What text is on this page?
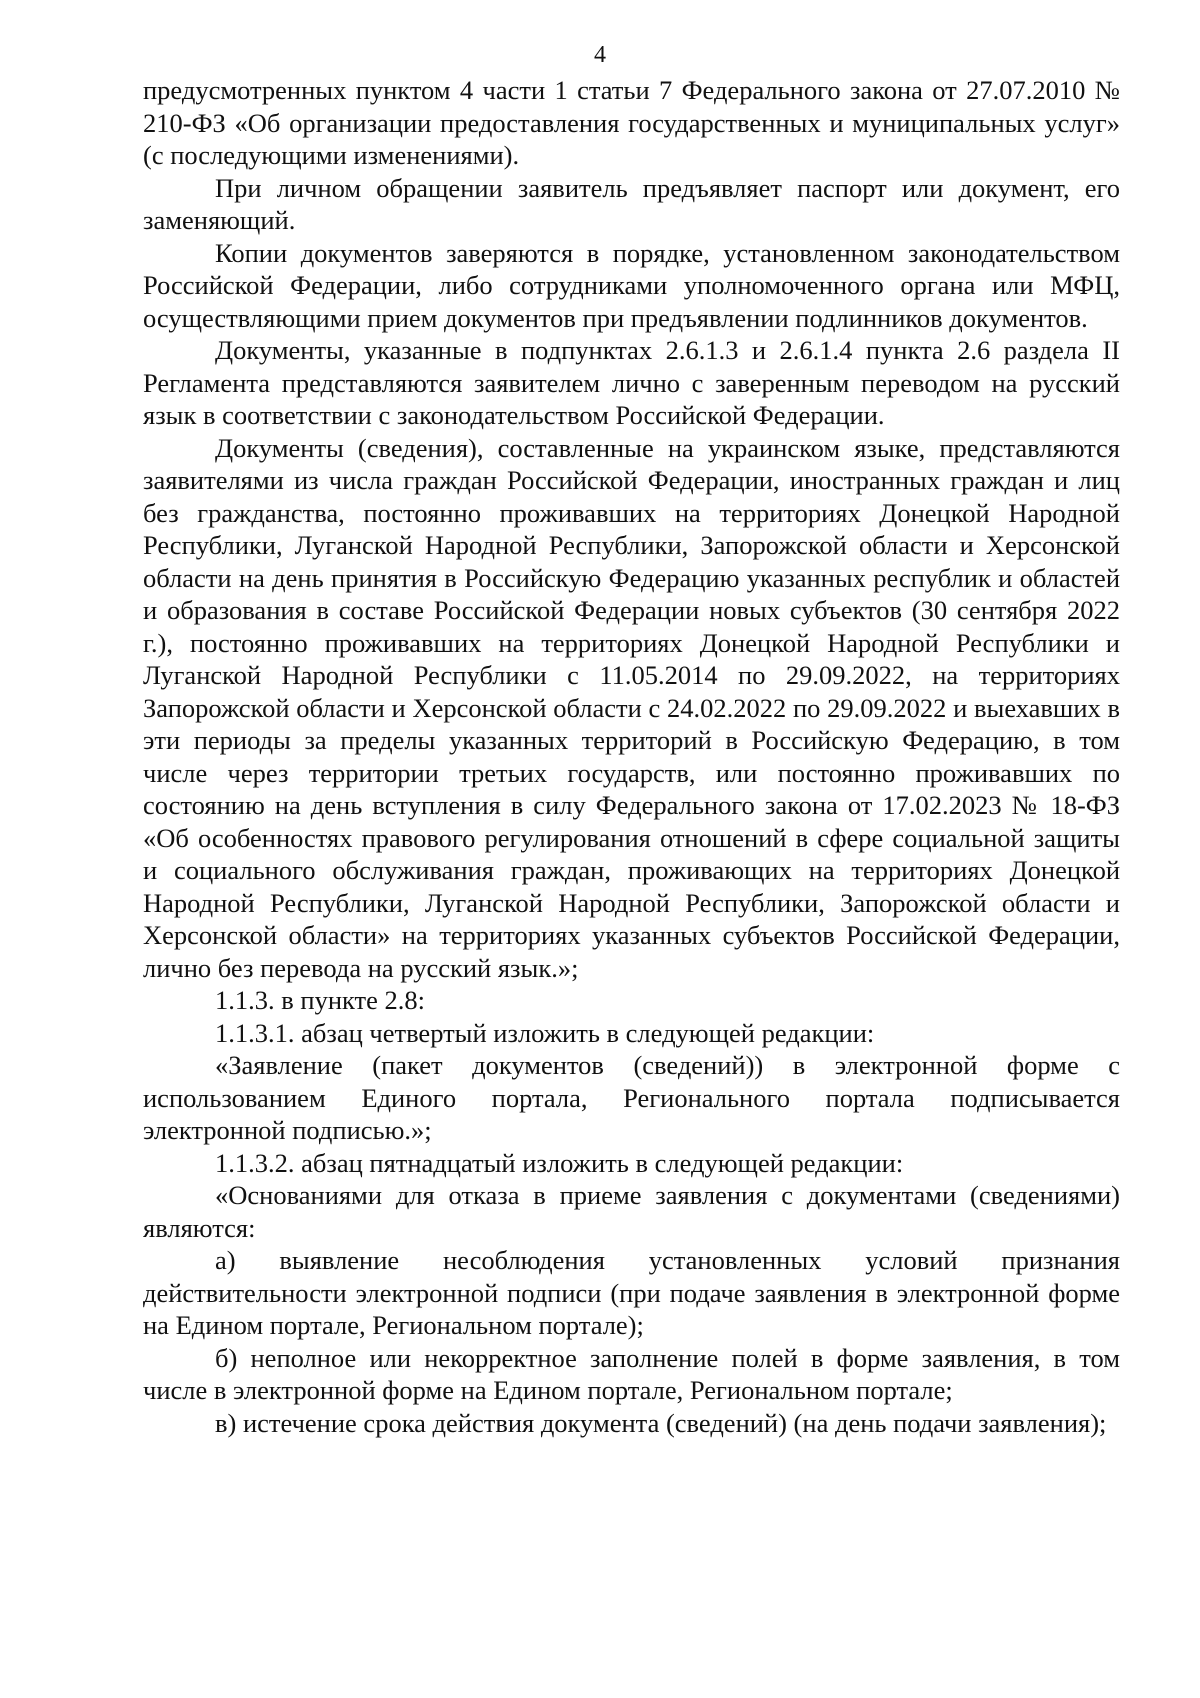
4

предусмотренных пунктом 4 части 1 статьи 7 Федерального закона от 27.07.2010 № 210-ФЗ «Об организации предоставления государственных и муниципальных услуг» (с последующими изменениями).

При личном обращении заявитель предъявляет паспорт или документ, его заменяющий.

Копии документов заверяются в порядке, установленном законодательством Российской Федерации, либо сотрудниками уполномоченного органа или МФЦ, осуществляющими прием документов при предъявлении подлинников документов.

Документы, указанные в подпунктах 2.6.1.3 и 2.6.1.4 пункта 2.6 раздела II Регламента представляются заявителем лично с заверенным переводом на русский язык в соответствии с законодательством Российской Федерации.

Документы (сведения), составленные на украинском языке, представляются заявителями из числа граждан Российской Федерации, иностранных граждан и лиц без гражданства, постоянно проживавших на территориях Донецкой Народной Республики, Луганской Народной Республики, Запорожской области и Херсонской области на день принятия в Российскую Федерацию указанных республик и областей и образования в составе Российской Федерации новых субъектов (30 сентября 2022 г.), постоянно проживавших на территориях Донецкой Народной Республики и Луганской Народной Республики с 11.05.2014 по 29.09.2022, на территориях Запорожской области и Херсонской области с 24.02.2022 по 29.09.2022 и выехавших в эти периоды за пределы указанных территорий в Российскую Федерацию, в том числе через территории третьих государств, или постоянно проживавших по состоянию на день вступления в силу Федерального закона от 17.02.2023 № 18-ФЗ «Об особенностях правового регулирования отношений в сфере социальной защиты и социального обслуживания граждан, проживающих на территориях Донецкой Народной Республики, Луганской Народной Республики, Запорожской области и Херсонской области» на территориях указанных субъектов Российской Федерации, лично без перевода на русский язык.»;

1.1.3. в пункте 2.8:

1.1.3.1. абзац четвертый изложить в следующей редакции:

«Заявление (пакет документов (сведений)) в электронной форме с использованием Единого портала, Регионального портала подписывается электронной подписью.»;

1.1.3.2. абзац пятнадцатый изложить в следующей редакции:

«Основаниями для отказа в приеме заявления с документами (сведениями) являются:

а) выявление несоблюдения установленных условий признания действительности электронной подписи (при подаче заявления в электронной форме на Едином портале, Региональном портале);

б) неполное или некорректное заполнение полей в форме заявления, в том числе в электронной форме на Едином портале, Региональном портале;

в) истечение срока действия документа (сведений) (на день подачи заявления);
